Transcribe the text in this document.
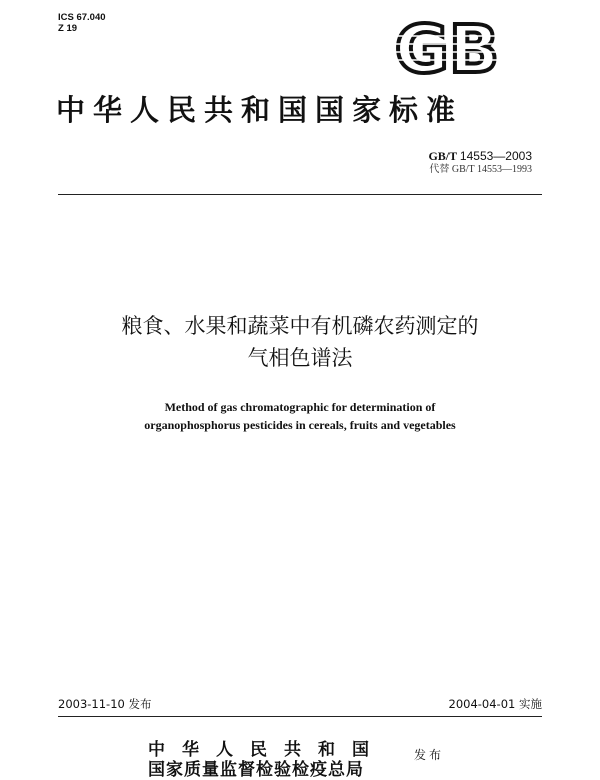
ICS 67.040
Z 19	GB
中华人民共和国国家标准
GB/T 14553—2003
代替 GB/T 14553—1993
粮食、水果和蔬菜中有机磷农药测定的
气相色谱法
Method of gas chromatographic for determination of
organophosphorus pesticides in cereals, fruits and vegetables
2003-11-10 发布	2004-04-01 实施
中华人民共和国
国家质量监督检验检疫总局
发布
